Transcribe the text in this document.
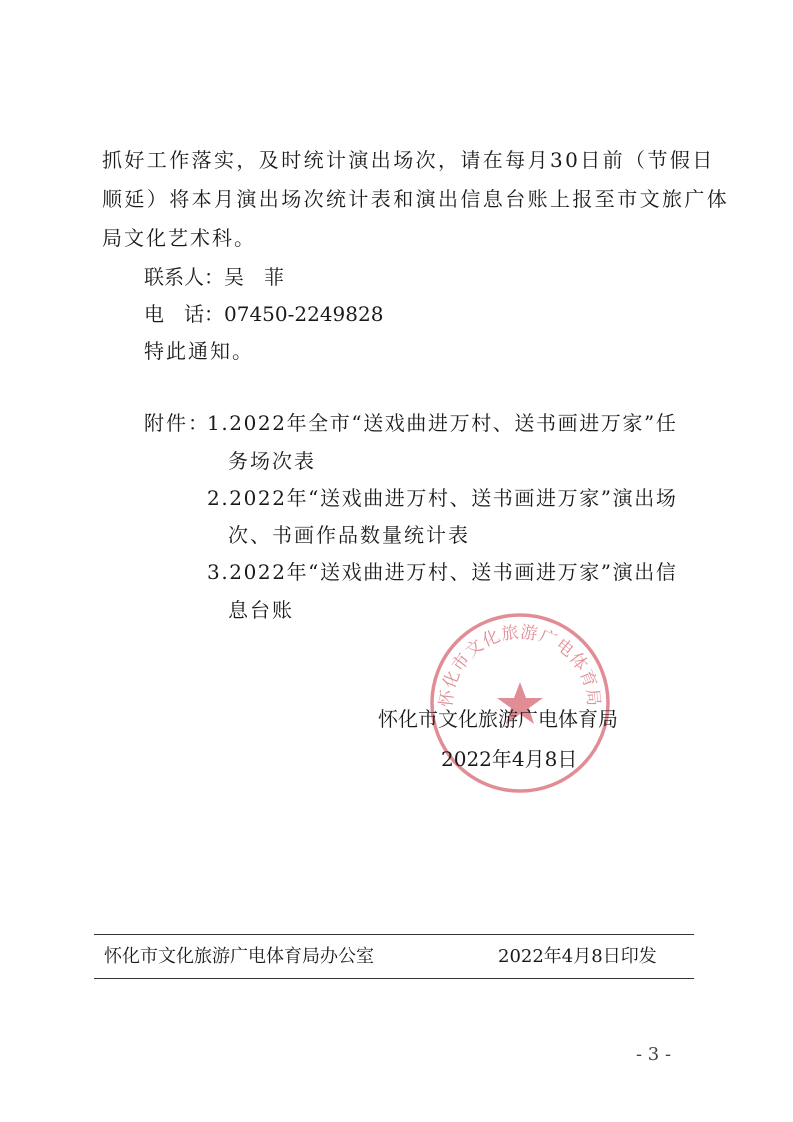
抓好工作落实，及时统计演出场次，请在每月30日前（节假日
顺延）将本月演出场次统计表和演出信息台账上报至市文旅广体
局文化艺术科。
联系人：吴　菲
电　话：07450-2249828
特此通知。
附件：
1.2022年全市“送戏曲进万村、送书画进万家”任
务场次表
2.2022年“送戏曲进万村、送书画进万家”演出场
次、书画作品数量统计表
3.2022年“送戏曲进万村、送书画进万家”演出信
息台账
怀化市文化旅游广电体育局
怀化市文化旅游广电体育局
2022年4月8日
怀化市文化旅游广电体育局办公室	2022年4月8日印发
- 3 -
